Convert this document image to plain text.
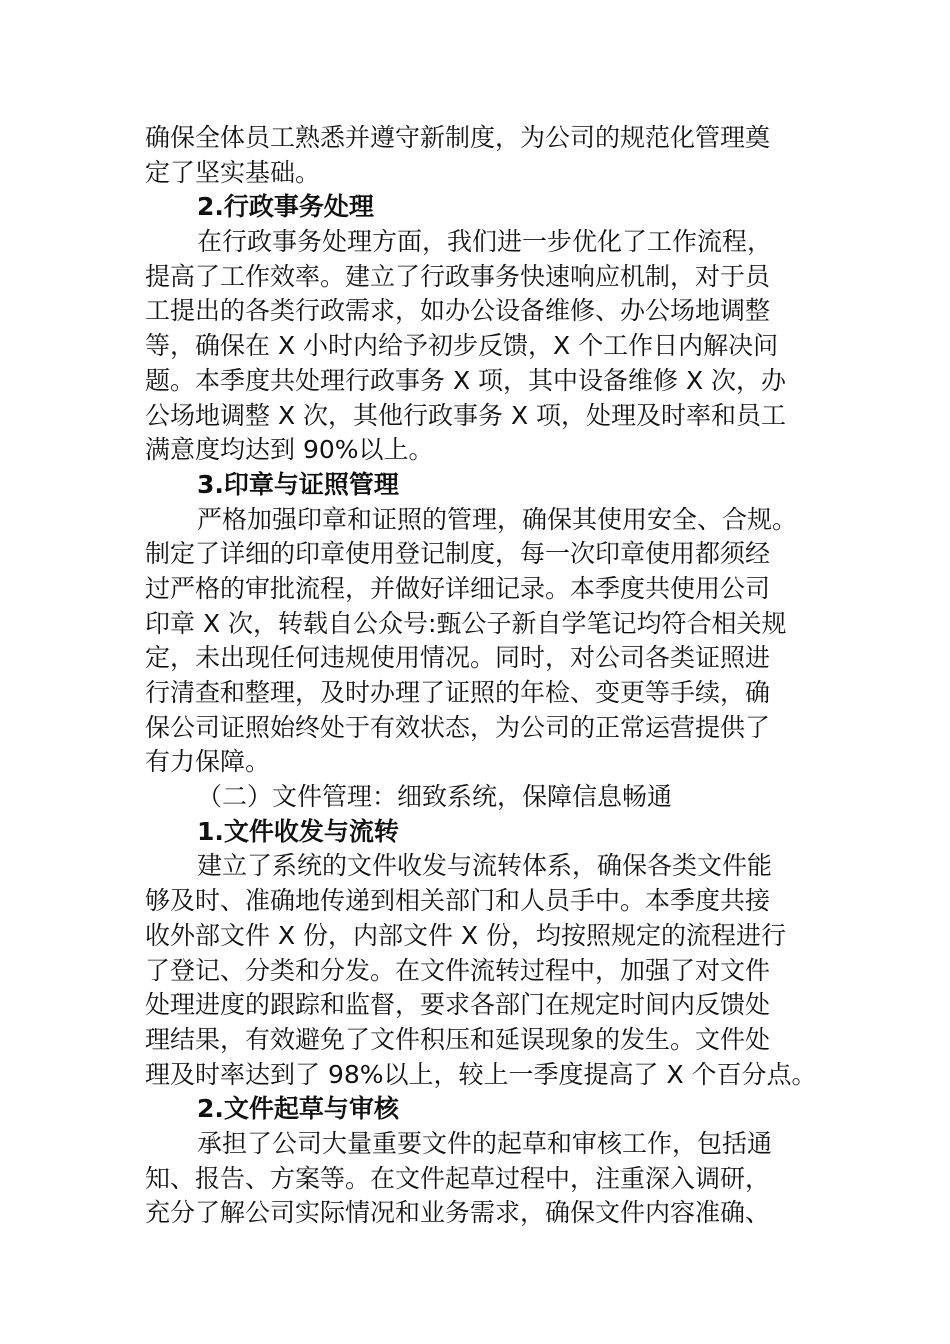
确保全体员工熟悉并遵守新制度，为公司的规范化管理奠
定了坚实基础。
2.行政事务处理
在行政事务处理方面，我们进一步优化了工作流程，
提高了工作效率。建立了行政事务快速响应机制，对于员
工提出的各类行政需求，如办公设备维修、办公场地调整
等，确保在 X 小时内给予初步反馈，X 个工作日内解决问
题。本季度共处理行政事务 X 项，其中设备维修 X 次，办
公场地调整 X 次，其他行政事务 X 项，处理及时率和员工
满意度均达到 90%以上。
3.印章与证照管理
严格加强印章和证照的管理，确保其使用安全、合规。
制定了详细的印章使用登记制度，每一次印章使用都须经
过严格的审批流程，并做好详细记录。本季度共使用公司
印章 X 次，转载自公众号:甄公子新自学笔记均符合相关规
定，未出现任何违规使用情况。同时，对公司各类证照进
行清查和整理，及时办理了证照的年检、变更等手续，确
保公司证照始终处于有效状态，为公司的正常运营提供了
有力保障。
（二）文件管理：细致系统，保障信息畅通
1.文件收发与流转
建立了系统的文件收发与流转体系，确保各类文件能
够及时、准确地传递到相关部门和人员手中。本季度共接
收外部文件 X 份，内部文件 X 份，均按照规定的流程进行
了登记、分类和分发。在文件流转过程中，加强了对文件
处理进度的跟踪和监督，要求各部门在规定时间内反馈处
理结果，有效避免了文件积压和延误现象的发生。文件处
理及时率达到了 98%以上，较上一季度提高了 X 个百分点。
2.文件起草与审核
承担了公司大量重要文件的起草和审核工作，包括通
知、报告、方案等。在文件起草过程中，注重深入调研，
充分了解公司实际情况和业务需求，确保文件内容准确、
